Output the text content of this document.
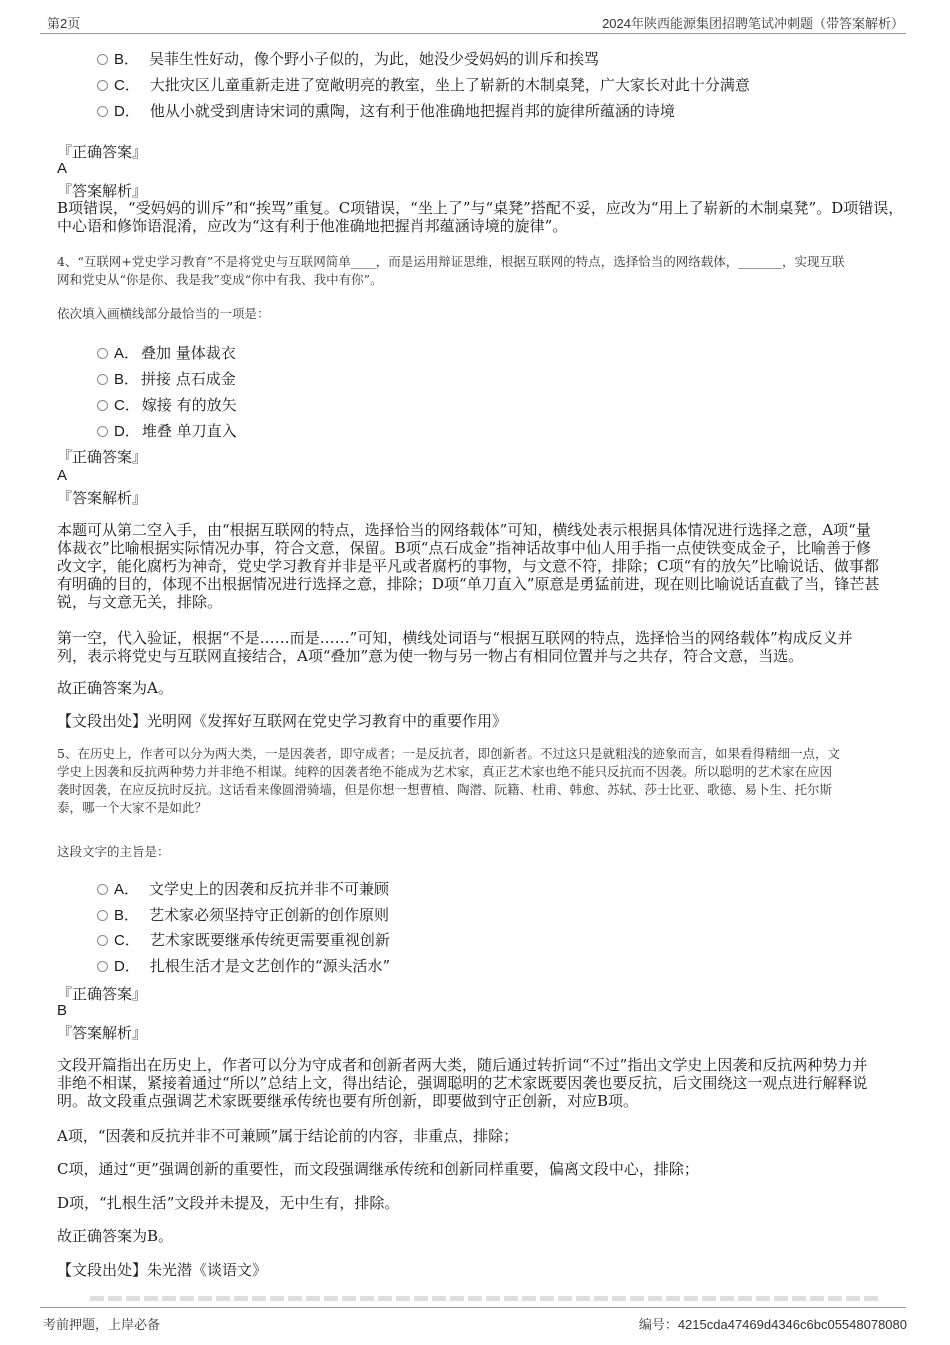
第2页	2024年陕西能源集团招聘笔试冲刺题（带答案解析）
B． 吴菲生性好动，像个野小子似的，为此，她没少受妈妈的训斥和挨骂
C． 大批灾区儿童重新走进了宽敞明亮的教室，坐上了崭新的木制桌凳，广大家长对此十分满意
D． 他从小就受到唐诗宋词的熏陶，这有利于他准确地把握肖邦的旋律所蕴涵的诗境
『正确答案』
A
『答案解析』
B项错误，“受妈妈的训斥”和“挨骂”重复。C项错误，“坐上了”与“桌凳”搭配不妥，应改为“用上了崭新的木制桌凳”。D项错误，
中心语和修饰语混淆，应改为“这有利于他准确地把握肖邦蕴涵诗境的旋律”。
4、“互联网+党史学习教育”不是将党史与互联网简单____，而是运用辩证思维，根据互联网的特点，选择恰当的网络载体，_______，实现互联
网和党史从“你是你、我是我”变成“你中有我、我中有你”。
依次填入画横线部分最恰当的一项是：
A． 叠加 量体裁衣
B． 拼接 点石成金
C． 嫁接 有的放矢
D． 堆叠 单刀直入
『正确答案』
A
『答案解析』
本题可从第二空入手，由“根据互联网的特点，选择恰当的网络载体”可知，横线处表示根据具体情况进行选择之意，A项“量
体裁衣”比喻根据实际情况办事，符合文意，保留。B项“点石成金”指神话故事中仙人用手指一点使铁变成金子，比喻善于修
改文字，能化腐朽为神奇，党史学习教育并非是平凡或者腐朽的事物，与文意不符，排除；C项“有的放矢”比喻说话、做事都
有明确的目的，体现不出根据情况进行选择之意，排除；D项“单刀直入”原意是勇猛前进，现在则比喻说话直截了当，锋芒甚
锐，与文意无关，排除。
第一空，代入验证，根据“不是……而是……”可知，横线处词语与“根据互联网的特点，选择恰当的网络载体”构成反义并
列，表示将党史与互联网直接结合，A项“叠加”意为使一物与另一物占有相同位置并与之共存，符合文意，当选。
故正确答案为A。
【文段出处】光明网《发挥好互联网在党史学习教育中的重要作用》
5、在历史上，作者可以分为两大类，一是因袭者，即守成者；一是反抗者，即创新者。不过这只是就粗浅的迹象而言，如果看得精细一点，文
学史上因袭和反抗两种势力并非绝不相谋。纯粹的因袭者绝不能成为艺术家，真正艺术家也绝不能只反抗而不因袭。所以聪明的艺术家在应因
袭时因袭，在应反抗时反抗。这话看来像圆滑骑墙，但是你想一想曹植、陶潜、阮籍、杜甫、韩愈、苏轼、莎士比亚、歌德、易卜生、托尔斯
泰，哪一个大家不是如此？
这段文字的主旨是：
A． 文学史上的因袭和反抗并非不可兼顾
B． 艺术家必须坚持守正创新的创作原则
C． 艺术家既要继承传统更需要重视创新
D． 扎根生活才是文艺创作的“源头活水”
『正确答案』
B
『答案解析』
文段开篇指出在历史上，作者可以分为守成者和创新者两大类，随后通过转折词“不过”指出文学史上因袭和反抗两种势力并
非绝不相谋，紧接着通过“所以”总结上文，得出结论，强调聪明的艺术家既要因袭也要反抗，后文围绕这一观点进行解释说
明。故文段重点强调艺术家既要继承传统也要有所创新，即要做到守正创新，对应B项。
A项，“因袭和反抗并非不可兼顾”属于结论前的内容，非重点，排除；
C项，通过“更”强调创新的重要性，而文段强调继承传统和创新同样重要，偏离文段中心，排除；
D项，“扎根生活”文段并未提及，无中生有，排除。
故正确答案为B。
【文段出处】朱光潜《谈语文》
考前押题，上岸必备	编号：4215cda47469d4346c6bc05548078080
